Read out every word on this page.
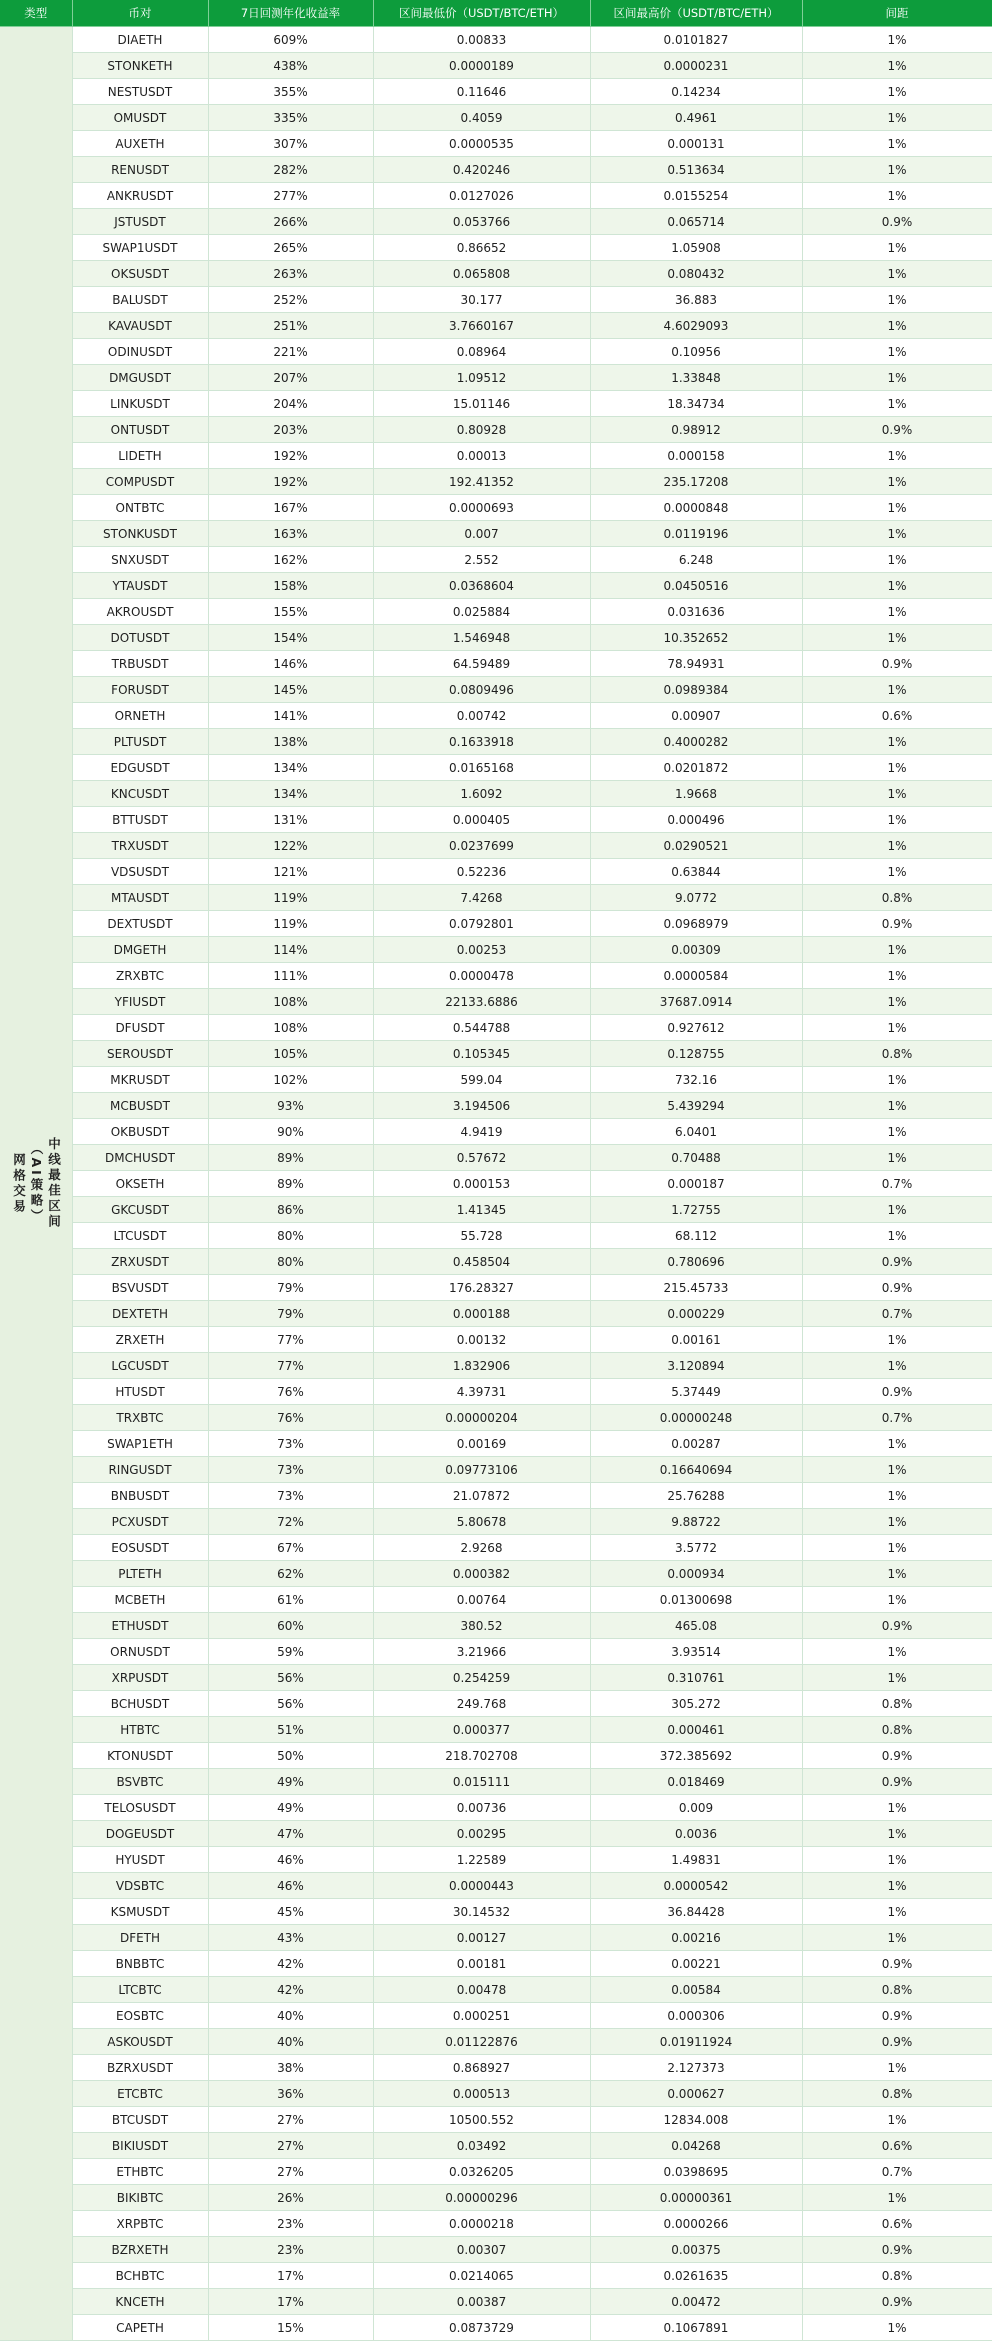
类型	币对	7日回测年化收益率	区间最低价（USDT/BTC/ETH）	区间最高价（USDT/BTC/ETH）	间距

网格交易 （AI策略） 中线最佳区间	DIAETH	609%	0.00833	0.0101827	1%
	STONKETH	438%	0.0000189	0.0000231	1%
	NESTUSDT	355%	0.11646	0.14234	1%
	OMUSDT	335%	0.4059	0.4961	1%
	AUXETH	307%	0.0000535	0.000131	1%
	RENUSDT	282%	0.420246	0.513634	1%
	ANKRUSDT	277%	0.0127026	0.0155254	1%
	JSTUSDT	266%	0.053766	0.065714	0.9%
	SWAP1USDT	265%	0.86652	1.05908	1%
	OKSUSDT	263%	0.065808	0.080432	1%
	BALUSDT	252%	30.177	36.883	1%
	KAVAUSDT	251%	3.7660167	4.6029093	1%
	ODINUSDT	221%	0.08964	0.10956	1%
	DMGUSDT	207%	1.09512	1.33848	1%
	LINKUSDT	204%	15.01146	18.34734	1%
	ONTUSDT	203%	0.80928	0.98912	0.9%
	LIDETH	192%	0.00013	0.000158	1%
	COMPUSDT	192%	192.41352	235.17208	1%
	ONTBTC	167%	0.0000693	0.0000848	1%
	STONKUSDT	163%	0.007	0.0119196	1%
	SNXUSDT	162%	2.552	6.248	1%
	YTAUSDT	158%	0.0368604	0.0450516	1%
	AKROUSDT	155%	0.025884	0.031636	1%
	DOTUSDT	154%	1.546948	10.352652	1%
	TRBUSDT	146%	64.59489	78.94931	0.9%
	FORUSDT	145%	0.0809496	0.0989384	1%
	ORNETH	141%	0.00742	0.00907	0.6%
	PLTUSDT	138%	0.1633918	0.4000282	1%
	EDGUSDT	134%	0.0165168	0.0201872	1%
	KNCUSDT	134%	1.6092	1.9668	1%
	BTTUSDT	131%	0.000405	0.000496	1%
	TRXUSDT	122%	0.0237699	0.0290521	1%
	VDSUSDT	121%	0.52236	0.63844	1%
	MTAUSDT	119%	7.4268	9.0772	0.8%
	DEXTUSDT	119%	0.0792801	0.0968979	0.9%
	DMGETH	114%	0.00253	0.00309	1%
	ZRXBTC	111%	0.0000478	0.0000584	1%
	YFIUSDT	108%	22133.6886	37687.0914	1%
	DFUSDT	108%	0.544788	0.927612	1%
	SEROUSDT	105%	0.105345	0.128755	0.8%
	MKRUSDT	102%	599.04	732.16	1%
	MCBUSDT	93%	3.194506	5.439294	1%
	OKBUSDT	90%	4.9419	6.0401	1%
	DMCHUSDT	89%	0.57672	0.70488	1%
	OKSETH	89%	0.000153	0.000187	0.7%
	GKCUSDT	86%	1.41345	1.72755	1%
	LTCUSDT	80%	55.728	68.112	1%
	ZRXUSDT	80%	0.458504	0.780696	0.9%
	BSVUSDT	79%	176.28327	215.45733	0.9%
	DEXTETH	79%	0.000188	0.000229	0.7%
	ZRXETH	77%	0.00132	0.00161	1%
	LGCUSDT	77%	1.832906	3.120894	1%
	HTUSDT	76%	4.39731	5.37449	0.9%
	TRXBTC	76%	0.00000204	0.00000248	0.7%
	SWAP1ETH	73%	0.00169	0.00287	1%
	RINGUSDT	73%	0.09773106	0.16640694	1%
	BNBUSDT	73%	21.07872	25.76288	1%
	PCXUSDT	72%	5.80678	9.88722	1%
	EOSUSDT	67%	2.9268	3.5772	1%
	PLTETH	62%	0.000382	0.000934	1%
	MCBETH	61%	0.00764	0.01300698	1%
	ETHUSDT	60%	380.52	465.08	0.9%
	ORNUSDT	59%	3.21966	3.93514	1%
	XRPUSDT	56%	0.254259	0.310761	1%
	BCHUSDT	56%	249.768	305.272	0.8%
	HTBTC	51%	0.000377	0.000461	0.8%
	KTONUSDT	50%	218.702708	372.385692	0.9%
	BSVBTC	49%	0.015111	0.018469	0.9%
	TELOSUSDT	49%	0.00736	0.009	1%
	DOGEUSDT	47%	0.00295	0.0036	1%
	HYUSDT	46%	1.22589	1.49831	1%
	VDSBTC	46%	0.0000443	0.0000542	1%
	KSMUSDT	45%	30.14532	36.84428	1%
	DFETH	43%	0.00127	0.00216	1%
	BNBBTC	42%	0.00181	0.00221	0.9%
	LTCBTC	42%	0.00478	0.00584	0.8%
	EOSBTC	40%	0.000251	0.000306	0.9%
	ASKOUSDT	40%	0.01122876	0.01911924	0.9%
	BZRXUSDT	38%	0.868927	2.127373	1%
	ETCBTC	36%	0.000513	0.000627	0.8%
	BTCUSDT	27%	10500.552	12834.008	1%
	BIKIUSDT	27%	0.03492	0.04268	0.6%
	ETHBTC	27%	0.0326205	0.0398695	0.7%
	BIKIBTC	26%	0.00000296	0.00000361	1%
	XRPBTC	23%	0.0000218	0.0000266	0.6%
	BZRXETH	23%	0.00307	0.00375	0.9%
	BCHBTC	17%	0.0214065	0.0261635	0.8%
	KNCETH	17%	0.00387	0.00472	0.9%
	CAPETH	15%	0.0873729	0.1067891	1%
